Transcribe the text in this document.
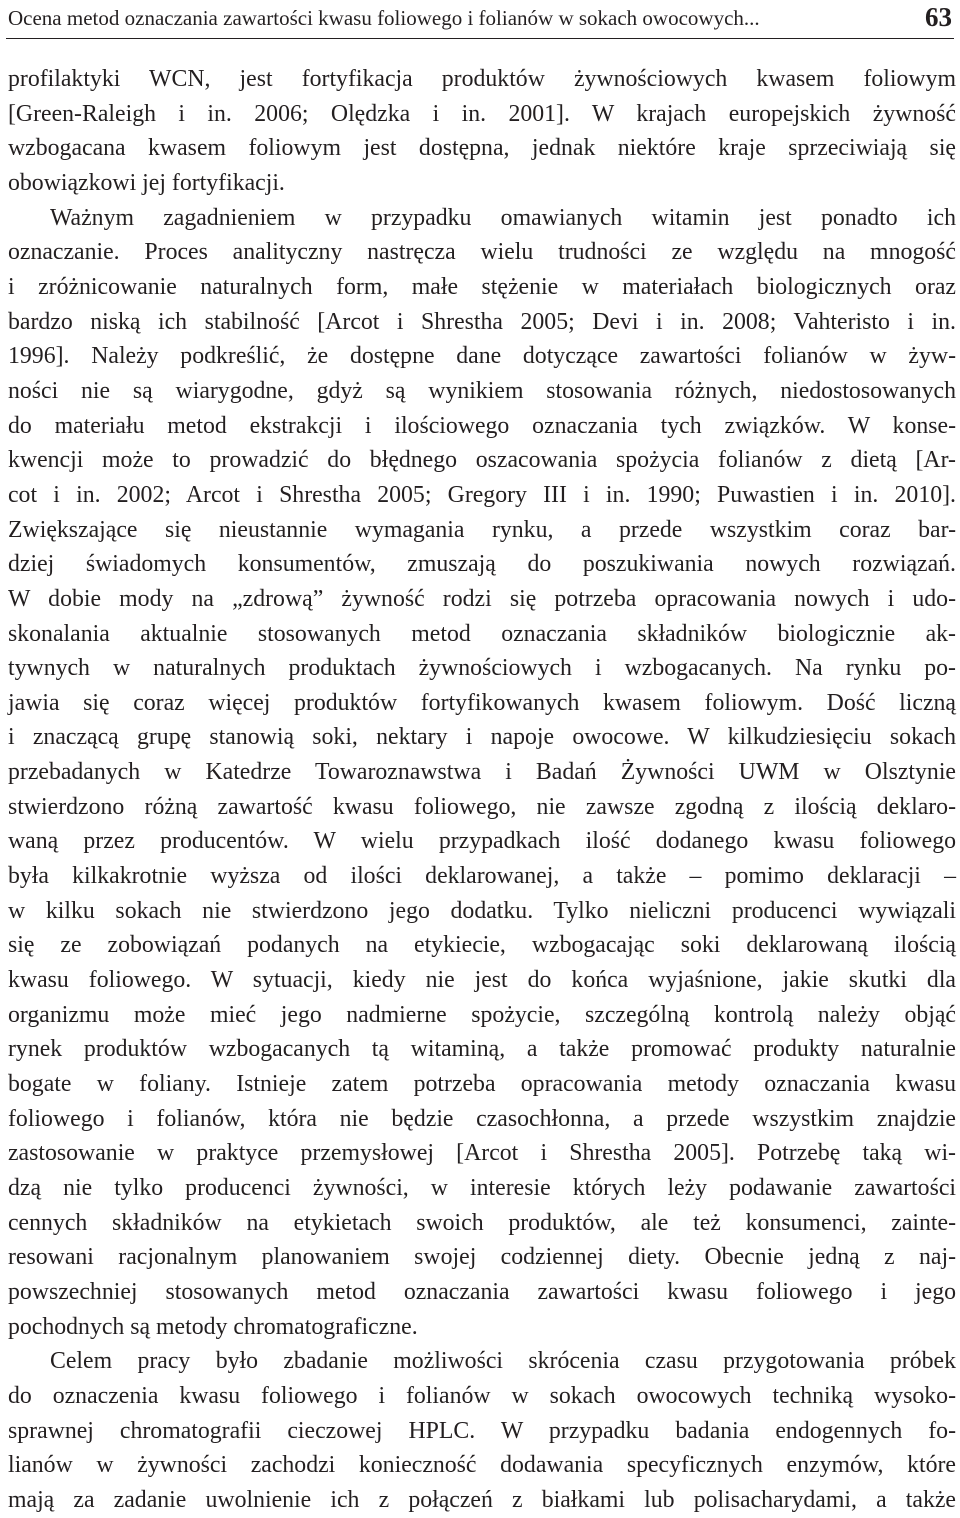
Ocena metod oznaczania zawartości kwasu foliowego i folianów w sokach owocowych...	63

profilaktyki WCN, jest fortyfikacja produktów żywnościowych kwasem foliowym
[Green-Raleigh i in. 2006; Olędzka i in. 2001]. W krajach europejskich żywność
wzbogacana kwasem foliowym jest dostępna, jednak niektóre kraje sprzeciwiają się
obowiązkowi jej fortyfikacji.

Ważnym zagadnieniem w przypadku omawianych witamin jest ponadto ich
oznaczanie. Proces analityczny nastręcza wielu trudności ze względu na mnogość
i zróżnicowanie naturalnych form, małe stężenie w materiałach biologicznych oraz
bardzo niską ich stabilność [Arcot i Shrestha 2005; Devi i in. 2008; Vahteristo i in.
1996]. Należy podkreślić, że dostępne dane dotyczące zawartości folianów w żyw-
ności nie są wiarygodne, gdyż są wynikiem stosowania różnych, niedostosowanych
do materiału metod ekstrakcji i ilościowego oznaczania tych związków. W konse-
kwencji może to prowadzić do błędnego oszacowania spożycia folianów z dietą [Ar-
cot i in. 2002; Arcot i Shrestha 2005; Gregory III i in. 1990; Puwastien i in. 2010].
Zwiększające się nieustannie wymagania rynku, a przede wszystkim coraz bar-
dziej świadomych konsumentów, zmuszają do poszukiwania nowych rozwiązań.
W dobie mody na „zdrową” żywność rodzi się potrzeba opracowania nowych i udo-
skonalania aktualnie stosowanych metod oznaczania składników biologicznie ak-
tywnych w naturalnych produktach żywnościowych i wzbogacanych. Na rynku po-
jawia się coraz więcej produktów fortyfikowanych kwasem foliowym. Dość liczną
i znaczącą grupę stanowią soki, nektary i napoje owocowe. W kilkudziesięciu sokach
przebadanych w Katedrze Towaroznawstwa i Badań Żywności UWM w Olsztynie
stwierdzono różną zawartość kwasu foliowego, nie zawsze zgodną z ilością deklaro-
waną przez producentów. W wielu przypadkach ilość dodanego kwasu foliowego
była kilkakrotnie wyższa od ilości deklarowanej, a także – pomimo deklaracji –
w kilku sokach nie stwierdzono jego dodatku. Tylko nieliczni producenci wywiązali
się ze zobowiązań podanych na etykiecie, wzbogacając soki deklarowaną ilością
kwasu foliowego. W sytuacji, kiedy nie jest do końca wyjaśnione, jakie skutki dla
organizmu może mieć jego nadmierne spożycie, szczególną kontrolą należy objąć
rynek produktów wzbogacanych tą witaminą, a także promować produkty naturalnie
bogate w foliany. Istnieje zatem potrzeba opracowania metody oznaczania kwasu
foliowego i folianów, która nie będzie czasochłonna, a przede wszystkim znajdzie
zastosowanie w praktyce przemysłowej [Arcot i Shrestha 2005]. Potrzebę taką wi-
dzą nie tylko producenci żywności, w interesie których leży podawanie zawartości
cennych składników na etykietach swoich produktów, ale też konsumenci, zainte-
resowani racjonalnym planowaniem swojej codziennej diety. Obecnie jedną z naj-
powszechniej stosowanych metod oznaczania zawartości kwasu foliowego i jego
pochodnych są metody chromatograficzne.

Celem pracy było zbadanie możliwości skrócenia czasu przygotowania próbek
do oznaczenia kwasu foliowego i folianów w sokach owocowych techniką wysoko-
sprawnej chromatografii cieczowej HPLC. W przypadku badania endogennych fo-
lianów w żywności zachodzi konieczność dodawania specyficznych enzymów, które
mają za zadanie uwolnienie ich z połączeń z białkami lub polisacharydami, a także
